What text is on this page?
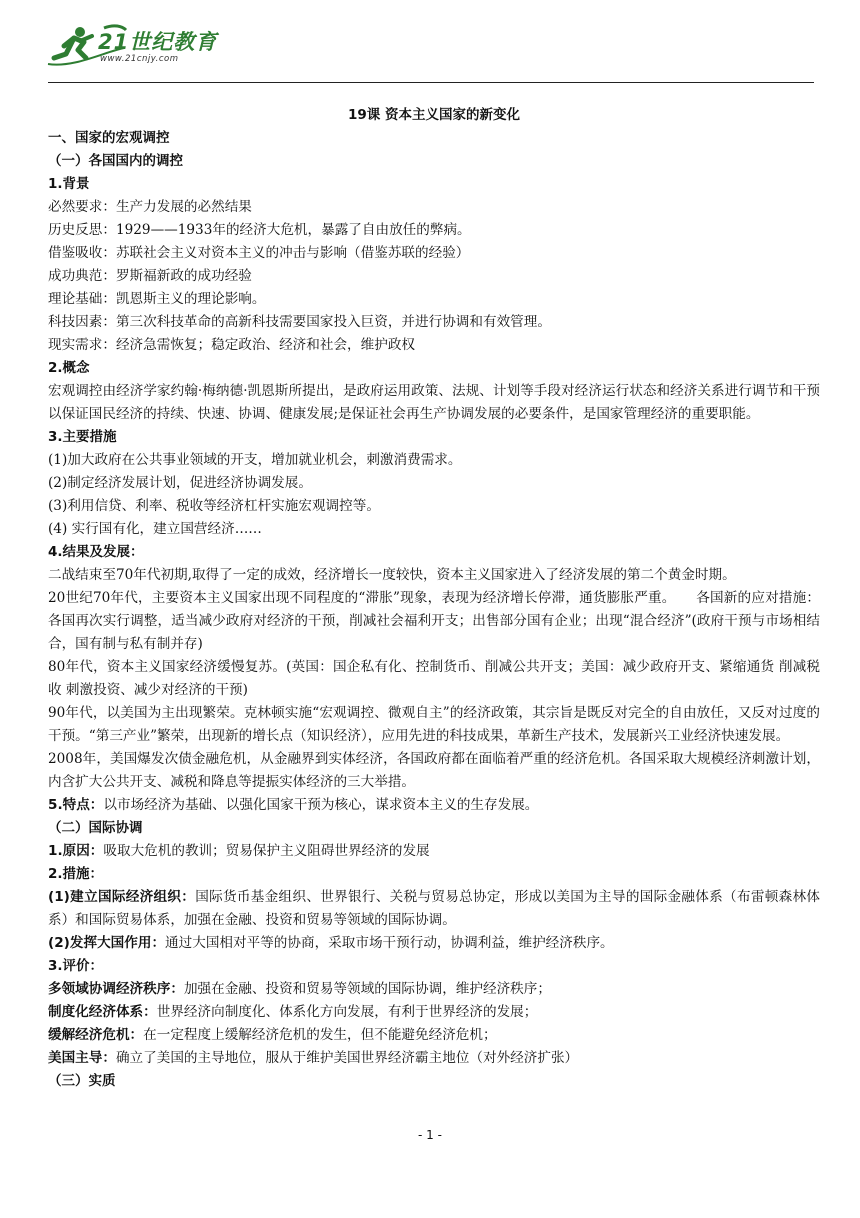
21世纪教育
www.21cnjy.com

19课 资本主义国家的新变化

一、国家的宏观调控

（一）各国国内的调控

1.背景

必然要求：生产力发展的必然结果

历史反思：1929——1933年的经济大危机，暴露了自由放任的弊病。

借鉴吸收：苏联社会主义对资本主义的冲击与影响（借鉴苏联的经验）

成功典范：罗斯福新政的成功经验

理论基础：凯恩斯主义的理论影响。

科技因素：第三次科技革命的高新科技需要国家投入巨资，并进行协调和有效管理。

现实需求：经济急需恢复；稳定政治、经济和社会，维护政权

2.概念

宏观调控由经济学家约翰·梅纳德·凯恩斯所提出，是政府运用政策、法规、计划等手段对经济运行状态和经济关系进行调节和干预以保证国民经济的持续、快速、协调、健康发展;是保证社会再生产协调发展的必要条件，是国家管理经济的重要职能。

3.主要措施

(1)加大政府在公共事业领域的开支，增加就业机会，刺激消费需求。

(2)制定经济发展计划，促进经济协调发展。

(3)利用信贷、利率、税收等经济杠杆实施宏观调控等。

(4) 实行国有化，建立国营经济……

4.结果及发展：

二战结束至70年代初期,取得了一定的成效，经济增长一度较快，资本主义国家进入了经济发展的第二个黄金时期。

20世纪70年代，主要资本主义国家出现不同程度的“滞胀”现象，表现为经济增长停滞，通货膨胀严重。　　各国新的应对措施：各国再次实行调整，适当减少政府对经济的干预，削减社会福利开支；出售部分国有企业；出现“混合经济”(政府干预与市场相结合，国有制与私有制并存)

80年代，资本主义国家经济缓慢复苏。(英国：国企私有化、控制货币、削减公共开支；美国：减少政府开支、紧缩通货 削减税收 刺激投资、减少对经济的干预)

90年代，以美国为主出现繁荣。克林顿实施“宏观调控、微观自主”的经济政策，其宗旨是既反对完全的自由放任，又反对过度的干预。“第三产业”繁荣，出现新的增长点（知识经济），应用先进的科技成果，革新生产技术，发展新兴工业经济快速发展。

2008年，美国爆发次债金融危机，从金融界到实体经济，各国政府都在面临着严重的经济危机。各国采取大规模经济刺激计划，内含扩大公共开支、减税和降息等提振实体经济的三大举措。

5.特点：以市场经济为基础、以强化国家干预为核心，谋求资本主义的生存发展。

（二）国际协调

1.原因：吸取大危机的教训；贸易保护主义阻碍世界经济的发展

2.措施：

(1)建立国际经济组织：国际货币基金组织、世界银行、关税与贸易总协定，形成以美国为主导的国际金融体系（布雷顿森林体系）和国际贸易体系，加强在金融、投资和贸易等领域的国际协调。

(2)发挥大国作用：通过大国相对平等的协商，采取市场干预行动，协调利益，维护经济秩序。

3.评价：

多领域协调经济秩序：加强在金融、投资和贸易等领域的国际协调，维护经济秩序；

制度化经济体系：世界经济向制度化、体系化方向发展，有利于世界经济的发展；

缓解经济危机：在一定程度上缓解经济危机的发生，但不能避免经济危机；

美国主导：确立了美国的主导地位，服从于维护美国世界经济霸主地位（对外经济扩张）

（三）实质

- 1 -
